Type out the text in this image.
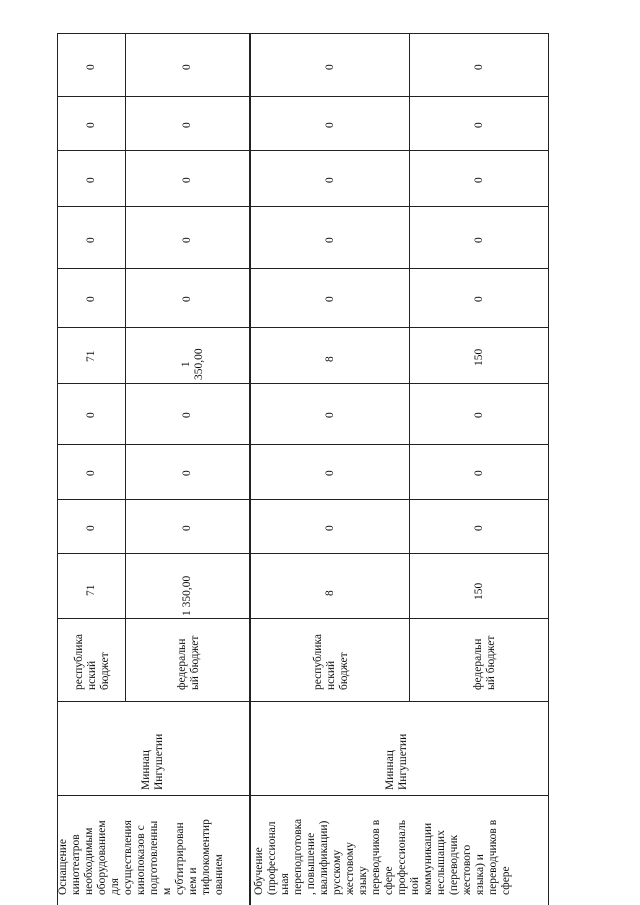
Оснащение
кинотеатров
необходимым
оборудованием
для
осуществления
кинопоказов с
подготовленны
м
субтитрирован
ием и
тифлокоментир
ованием
Миннац
Ингушетии
республика
нский
бюджет
71
0
0
0
71
0
0
0
0
0
федеральн
ый бюджет
1 350,00
0
0
0
1
350,00
0
0
0
0
0
Обучение
(профессионал
ьная
переподготовка
, повышение
квалификации)
русскому
жестовому
языку
переводчиков в
сфере
профессиональ
ной
коммуникации
неслышащих
(переводчик
жестового
языка) и
переводчиков в
сфере
Миннац
Ингушетии
республика
нский
бюджет
8
0
0
0
8
0
0
0
0
0
федеральн
ый бюджет
150
0
0
0
150
0
0
0
0
0
